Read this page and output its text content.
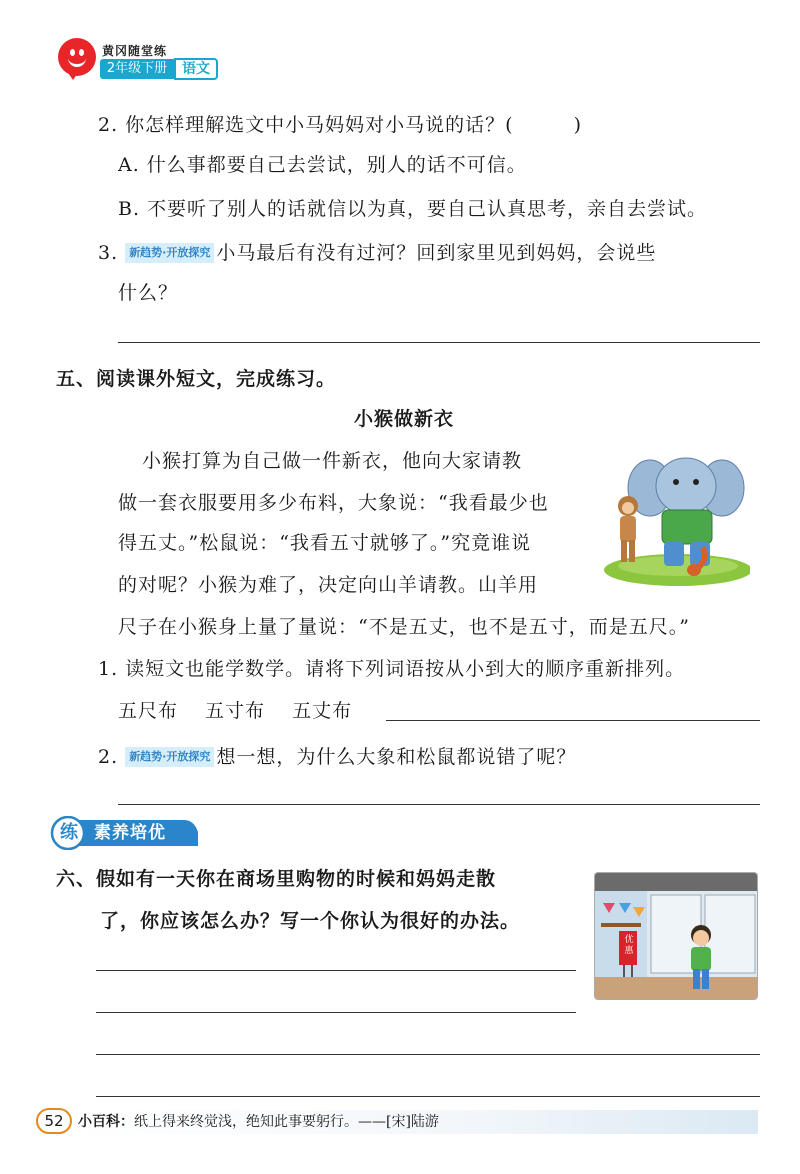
黄冈随堂练
2年级下册	语文
2. 你怎样理解选文中小马妈妈对小马说的话？(　　　)
A. 什么事都要自己去尝试，别人的话不可信。
B. 不要听了别人的话就信以为真，要自己认真思考，亲自去尝试。
3. 新趋势·开放探究 小马最后有没有过河？回到家里见到妈妈，会说些
什么？
五、阅读课外短文，完成练习。
小猴做新衣
小猴打算为自己做一件新衣，他向大家请教
做一套衣服要用多少布料，大象说：“我看最少也
得五丈。”松鼠说：“我看五寸就够了。”究竟谁说
的对呢？小猴为难了，决定向山羊请教。山羊用
尺子在小猴身上量了量说：“不是五丈，也不是五寸，而是五尺。”
1. 读短文也能学数学。请将下列词语按从小到大的顺序重新排列。
五尺布　 五寸布　 五丈布
2. 新趋势·开放探究 想一想，为什么大象和松鼠都说错了呢？
练 素养培优
六、假如有一天你在商场里购物的时候和妈妈走散
了，你应该怎么办？写一个你认为很好的办法。
优惠
52	小百科：纸上得来终觉浅，绝知此事要躬行。——[宋]陆游
